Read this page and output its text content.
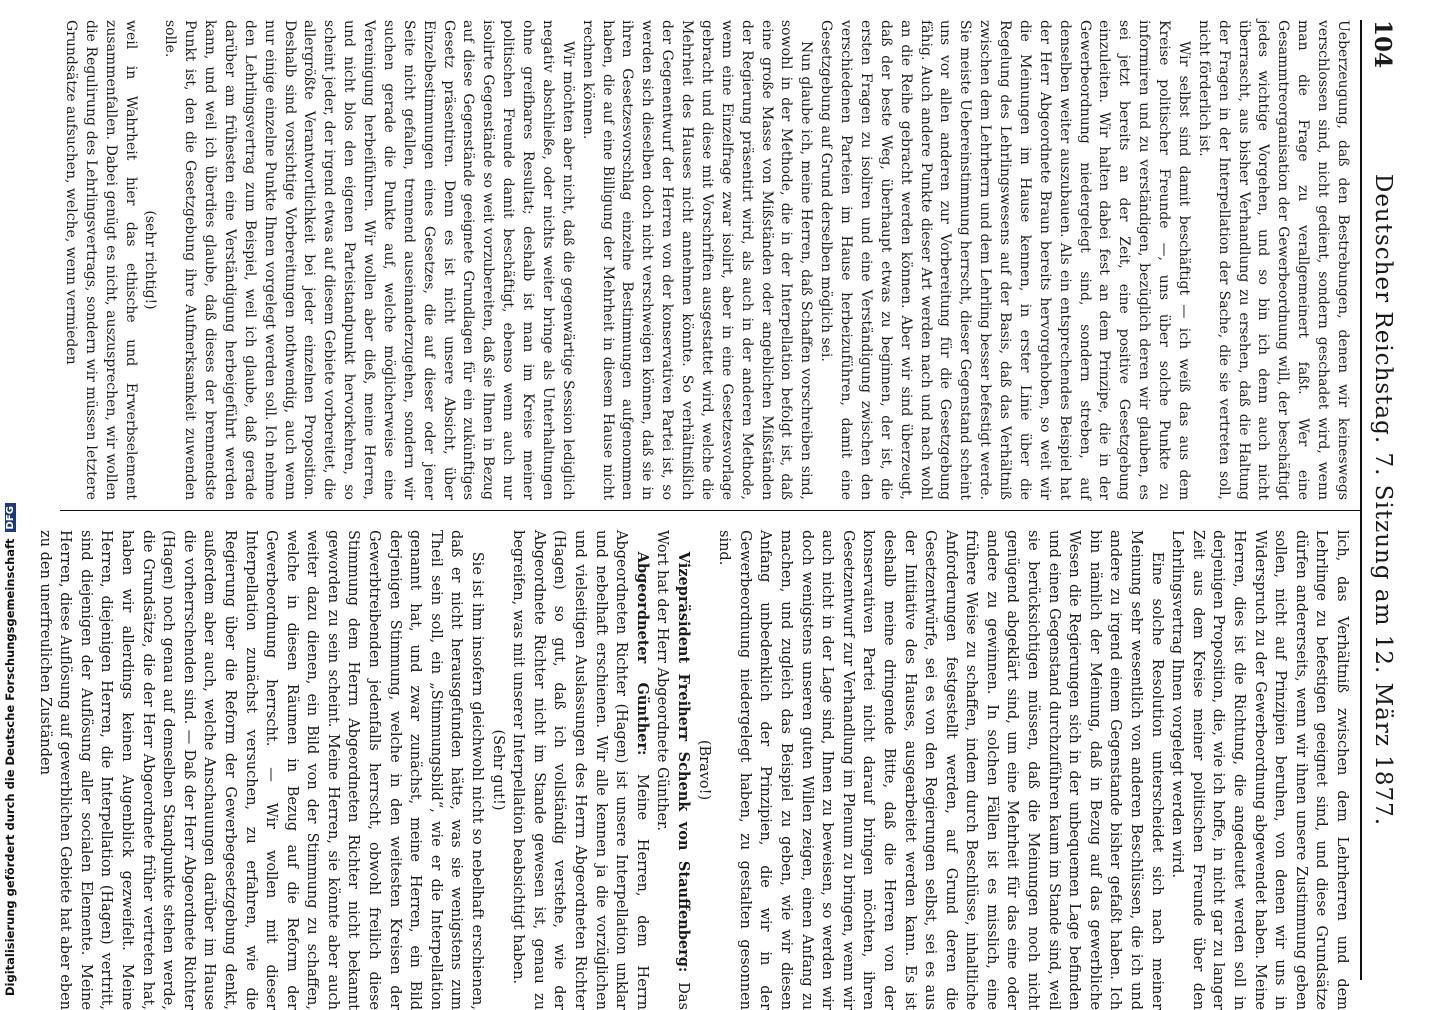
104
Deutscher Reichstag. 7. Sitzung am 12. März 1877.

Ueberzeugung, daß den Bestrebungen, denen wir keineswegs verschlossen sind, nicht gedient, sondern geschadet wird, wenn man die Frage zu verallgemeinert faßt. Wer eine Gesammtreorganisation der Gewerbeordnung will, der beschäftigt jedes wichtige Vorgehen, und so bin ich denn auch nicht überrascht, aus bisher Verhandlung zu ersehen, daß die Haltung der Fragen in der Interpellation der Sache, die sie vertreten soll, nicht förderlich ist.

Wir selbst sind damit beschäftigt — ich weiß das aus dem Kreise politischer Freunde —, uns über solche Punkte zu informiren und zu verständigen, bezüglich deren wir glauben, es sei jetzt bereits an der Zeit, eine positive Gesetzgebung einzuleiten. Wir halten dabei fest an dem Prinzipe, die in der Gewerbeordnung niedergelegt sind, sondern streben, auf denselben weiter auszubauen. Als ein entsprechendes Beispiel hat der Herr Abgeordnete Braun bereits hervorgehoben, so weit wir die Meinungen im Hause kennen, in erster Linie über die Regelung des Lehrlingswesens auf der Basis, daß das Verhältniß zwischen dem Lehrherrn und dem Lehrling besser befestigt werde. Sie meiste Uebereinstimmung herrscht, dieser Gegenstand scheint uns vor allen anderen zur Vorbereitung für die Gesetzgebung fähig. Auch andere Punkte dieser Art werden nach und nach wohl an die Reihe gebracht werden können. Aber wir sind überzeugt, daß der beste Weg, überhaupt etwas zu beginnen, der ist, die ersten Fragen zu isoliren und eine Verständigung zwischen den verschiedenen Parteien im Hause herbeizuführen, damit eine Gesetzgebung auf Grund derselben möglich sei.

Nun glaube ich, meine Herren, daß Schaffen vorschreiben sind, sowohl in der Methode, die in der Interpellation befolgt ist, daß eine große Masse von Mißständen oder angeblichen Mißständen der Regierung präsentirt wird, als auch in der anderen Methode, wenn eine Einzelfrage zwar isolirt, aber in eine Gesetzesvorlage gebracht und diese mit Vorschriften ausgestattet wird, welche die Mehrheit des Hauses nicht annehmen könnte. So verhältnißlich der Gegenentwurf der Herren von der konservativen Partei ist, so werden sich dieselben doch nicht verschweigen können, daß sie in ihren Gesetzesvorschlag einzelne Bestimmungen aufgenommen haben, die auf eine Billigung der Mehrheit in diesem Hause nicht rechnen können.

Wir möchten aber nicht, daß die gegenwärtige Session lediglich negativ abschließe, oder nichts weiter bringe als Unterhaltungen ohne greifbares Resultat; deshalb ist man im Kreise meiner politischen Freunde damit beschäftigt, ebenso wenn auch nur isolirte Gegenstände so weit vorzubereiten, daß sie Ihnen in Bezug auf diese Gegenstände geeignete Grundlagen für ein zukünftiges Gesetz präsentiren. Denn es ist nicht unsere Absicht, über Einzelbestimmungen eines Gesetzes, die auf dieser oder jener Seite nicht gefallen, trennend auseinanderzugehen, sondern wir suchen gerade die Punkte auf, welche möglicherweise eine Vereinigung herbeiführen. Wir wollen aber dieß, meine Herren, und nicht blos den eigenen Parteistandpunkt hervorkehren, so scheint jeder, der irgend etwas auf diesem Gebiete vorbereitet, die allergrößte Verantwortlichkeit bei jeder einzelnen Proposition. Deshalb sind vorsichtige Vorbereitungen nothwendig, auch wenn nur einige einzelne Punkte Ihnen vorgelegt werden soll. Ich nehme den Lehrlingsvertrag zum Beispiel, weil ich glaube, daß gerade darüber am frühesten eine Verständigung herbeigeführt werden kann, und weil ich überdies glaube, daß dieses der brennendste Punkt ist, den die Gesetzgebung ihre Aufmerksamkeit zuwenden solle.

(sehr richtig!)

weil in Wahrheit hier das ethische und Erwerbselement zusammenfallen. Dabei genügt es nicht, auszusprechen, wir wollen die Regulirung des Lehrlingsvertrags, sondern wir müssen letztere Grundsätze aufsuchen, welche, wenn vermieden

lich, das Verhältniß zwischen dem Lehrherren und dem Lehrlinge zu befestigen geeignet sind, und diese Grundsätze dürfen andererseits, wenn wir ihnen unsere Zustimmung geben sollen, nicht auf Prinzipien beruhen, von denen wir uns in Widerspruch zu der Gewerbeordnung abgewendet haben. Meine Herren, dies ist die Richtung, die angedeutet werden soll in derjenigen Proposition, die, wie ich hoffe, in nicht gar zu langer Zeit aus dem Kreise meiner politischen Freunde über den Lehrlingsvertrag Ihnen vorgelegt werden wird.

Eine solche Resolution unterscheidet sich nach meiner Meinung sehr wesentlich von anderen Beschlüssen, die ich und andere zu irgend einem Gegenstande bisher gefaßt haben. Ich bin nämlich der Meinung, daß in Bezug auf das gewerbliche Wesen die Regierungen sich in der unbequemen Lage befinden und einen Gegenstand durchzuführen kaum im Stande sind, weil sie berücksichtigen müssen, daß die Meinungen noch nicht genügend abgeklärt sind, um eine Mehrheit für das eine oder andere zu gewinnen. In solchen Fällen ist es misslich, eine frühere Weise zu schaffen, indem durch Beschlüsse, inhaltliche Anforderungen festgestellt werden, auf Grund deren die Gesetzentwürfe, sei es von den Regierungen selbst, sei es aus der Initiative des Hauses, ausgearbeitet werden kann. Es ist deshalb meine dringende Bitte, daß die Herren von der konservativen Partei nicht darauf bringen möchten, ihren Gesetzentwurf zur Verhandlung im Plenum zu bringen, wenn wir auch nicht in der Lage sind, Ihnen zu beweisen, so werden wir doch wenigstens unseren guten Willen zeigen, einen Anfang zu machen, und zugleich das Beispiel zu geben, wie wir diesen Anfang unbedenklich der Prinzipien, die wir in der Gewerbeordnung niedergelegt haben, zu gestalten gesonnen sind.

(Bravo!)

Vizepräsident Freiherr Schenk von Stauffenberg: Das Wort hat der Herr Abgeordnete Günther.

Abgeordneter Günther: Meine Herren, dem Herrn Abgeordneten Richter (Hagen) ist unsere Interpellation unklar und nebelhaft erschienen. Wir alle kennen ja die vorzüglichen und vielseitigen Auslassungen des Herrn Abgeordneten Richter (Hagen) so gut, daß ich vollständig verstehe, wie der Abgeordnete Richter nicht im Stande gewesen ist, genau zu begreifen, was mit unserer Interpellation beabsichtigt haben.

(Sehr gut!)

Sie ist ihm insofern gleichwohl nicht so nebelhaft erschienen, daß er nicht herausgefunden hätte, was sie wenigstens zum Theil sein soll, ein „Stimmungsbild“, wie er die Interpellation genannt hat, und zwar zunächst, meine Herren, ein Bild derjenigen Stimmung, welche in den weitesten Kreisen der Gewerbtreibenden jedenfalls herrscht, obwohl freilich diese Stimmung dem Herrn Abgeordneten Richter nicht bekannt geworden zu sein scheint. Meine Herren, sie könnte aber auch weiter dazu dienen, ein Bild von der Stimmung zu schaffen, welche in diesen Räumen in Bezug auf die Reform der Gewerbeordnung herrscht. — Wir wollen mit dieser Interpellation zunächst versuchen, zu erfahren, wie die Regierung über die Reform der Gewerbegesetzgebung denkt, außerdem aber auch, welche Anschauungen darüber im Hause die vorherrschenden sind. — Daß der Herr Abgeordnete Richter (Hagen) noch genau auf demselben Standpunkte stehen werde, die Grundsätze, die der Herr Abgeordnete früher vertreten hat, haben wir allerdings keinen Augenblick gezweifelt. Meine Herren, diejenigen Herren, die Interpellation (Hagen) vertritt, sind diejenigen der Auflösung aller socialen Elemente. Meine Herren, diese Auflösung auf gewerblichen Gebiete hat aber eben zu den unerfreulichen Zuständen

Digitalisierung gefördert durch die Deutsche ForschungsgemeinschaftDFG
